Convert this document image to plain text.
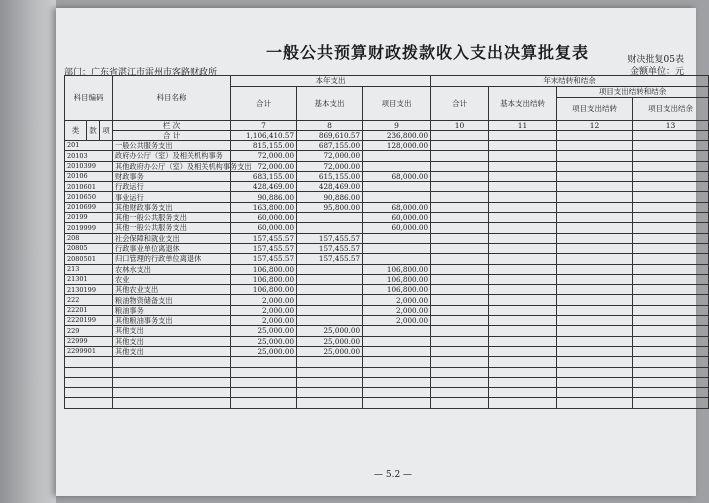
一般公共预算财政拨款收入支出决算批复表	财决批复05表
金额单位：元
部门：广东省湛江市雷州市客路财政所
科目编码			科目名称	本年支出			年末结转和结余			
				合计	基本支出	项目支出	合计	基本支出结转	项目支出结转和结余	
									项目支出结转	项目支出结余
类	款	项	栏 次	7	8	9	10	11	12	13
			合 计	1,106,410.57	869,610.57	236,800.00				
201			一般公共服务支出	815,155.00	687,155.00	128,000.00				
20103			政府办公厅（室）及相关机构事务	72,000.00	72,000.00					
2010399			其他政府办公厅（室）及相关机构事务支出	72,000.00	72,000.00					
20106			财政事务	683,155.00	615,155.00	68,000.00				
2010601			行政运行	428,469.00	428,469.00					
2010650			事业运行	90,886.00	90,886.00					
2010699			其他财政事务支出	163,800.00	95,800.00	68,000.00				
20199			其他一般公共服务支出	60,000.00		60,000.00				
2019999			其他一般公共服务支出	60,000.00		60,000.00				
208			社会保障和就业支出	157,455.57	157,455.57					
20805			行政事业单位离退休	157,455.57	157,455.57					
2080501			归口管理的行政单位离退休	157,455.57	157,455.57					
213			农林水支出	106,800.00		106,800.00				
21301			农业	106,800.00		106,800.00				
2130199			其他农业支出	106,800.00		106,800.00				
222			粮油物资储备支出	2,000.00		2,000.00				
22201			粮油事务	2,000.00		2,000.00				
2220199			其他粮油事务支出	2,000.00		2,000.00				
229			其他支出	25,000.00	25,000.00					
22999			其他支出	25,000.00	25,000.00					
2299901			其他支出	25,000.00	25,000.00					

— 5.2 —
